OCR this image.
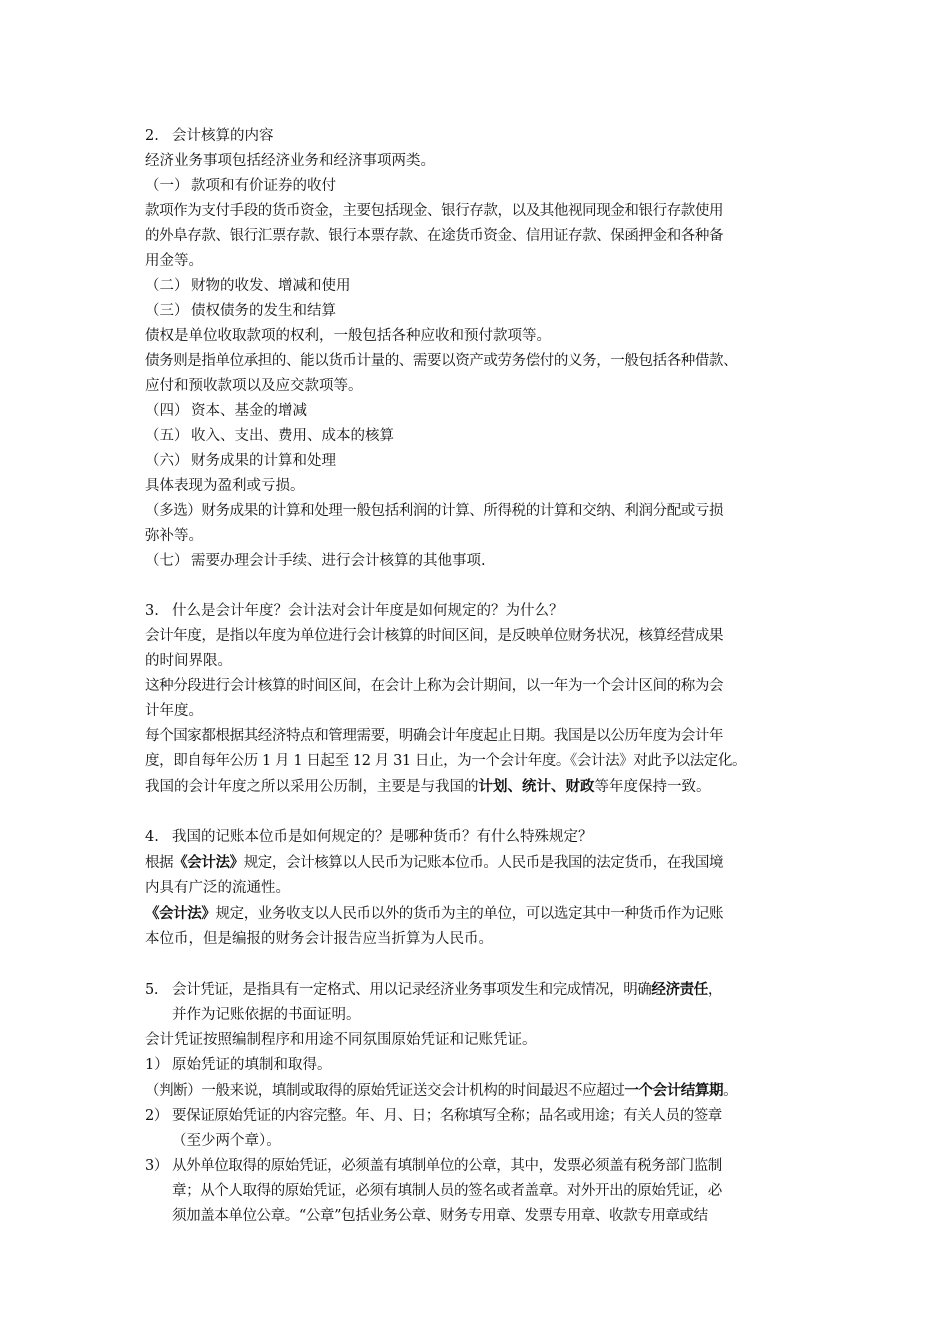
2. 会计核算的内容
经济业务事项包括经济业务和经济事项两类。
（一） 款项和有价证券的收付
款项作为支付手段的货币资金，主要包括现金、银行存款，以及其他视同现金和银行存款使用
的外阜存款、银行汇票存款、银行本票存款、在途货币资金、信用证存款、保函押金和各种备
用金等。
（二） 财物的收发、增减和使用
（三） 债权债务的发生和结算
债权是单位收取款项的权利，一般包括各种应收和预付款项等。
债务则是指单位承担的、能以货币计量的、需要以资产或劳务偿付的义务，一般包括各种借款、
应付和预收款项以及应交款项等。
（四） 资本、基金的增减
（五） 收入、支出、费用、成本的核算
（六） 财务成果的计算和处理
具体表现为盈利或亏损。
（多选）财务成果的计算和处理一般包括利润的计算、所得税的计算和交纳、利润分配或亏损
弥补等。
（七） 需要办理会计手续、进行会计核算的其他事项.
3. 什么是会计年度？会计法对会计年度是如何规定的？为什么？
会计年度，是指以年度为单位进行会计核算的时间区间，是反映单位财务状况，核算经营成果
的时间界限。
这种分段进行会计核算的时间区间，在会计上称为会计期间，以一年为一个会计区间的称为会
计年度。
每个国家都根据其经济特点和管理需要，明确会计年度起止日期。我国是以公历年度为会计年
度，即自每年公历 1 月 1 日起至 12 月 31 日止，为一个会计年度。《会计法》对此予以法定化。
我国的会计年度之所以采用公历制，主要是与我国的计划、统计、财政等年度保持一致。
4. 我国的记账本位币是如何规定的？是哪种货币？有什么特殊规定？
根据《会计法》规定，会计核算以人民币为记账本位币。人民币是我国的法定货币，在我国境
内具有广泛的流通性。
《会计法》规定，业务收支以人民币以外的货币为主的单位，可以选定其中一种货币作为记账
本位币，但是编报的财务会计报告应当折算为人民币。
5. 会计凭证，是指具有一定格式、用以记录经济业务事项发生和完成情况，明确经济责任，
并作为记账依据的书面证明。
会计凭证按照编制程序和用途不同氛围原始凭证和记账凭证。
1） 原始凭证的填制和取得。
（判断）一般来说，填制或取得的原始凭证送交会计机构的时间最迟不应超过一个会计结算期。
2） 要保证原始凭证的内容完整。年、月、日；名称填写全称；品名或用途；有关人员的签章
（至少两个章）。
3） 从外单位取得的原始凭证，必须盖有填制单位的公章，其中，发票必须盖有税务部门监制
章；从个人取得的原始凭证，必须有填制人员的签名或者盖章。对外开出的原始凭证，必
须加盖本单位公章。“公章”包括业务公章、财务专用章、发票专用章、收款专用章或结
